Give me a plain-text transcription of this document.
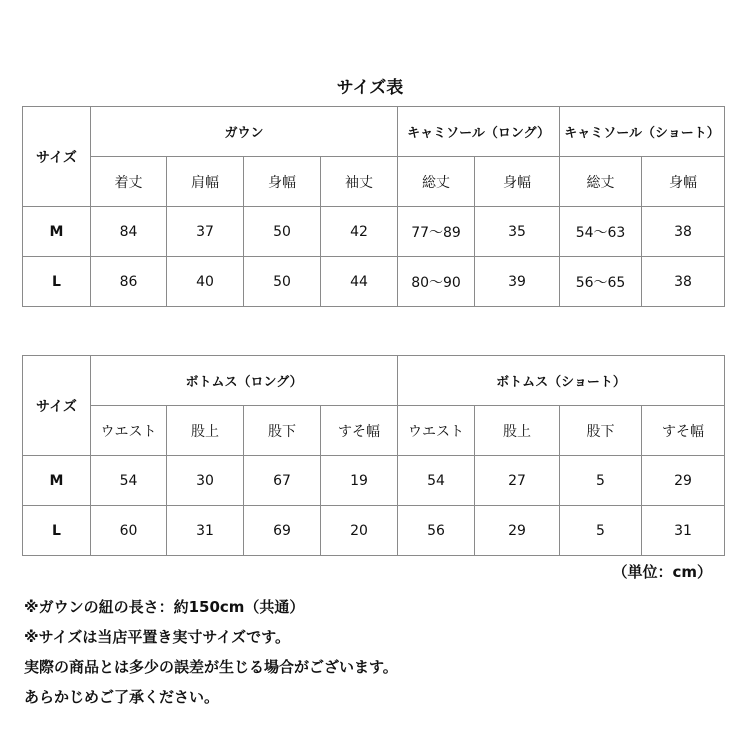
サイズ表
サイズ	ガウン				キャミソール（ロング）		キャミソール（ショート）	
	着丈	肩幅	身幅	袖丈	総丈	身幅	総丈	身幅
M	84	37	50	42	77〜89	35	54〜63	38
L	86	40	50	44	80〜90	39	56〜65	38
サイズ	ボトムス（ロング）				ボトムス（ショート）			
	ウエスト	股上	股下	すそ幅	ウエスト	股上	股下	すそ幅
M	54	30	67	19	54	27	5	29
L	60	31	69	20	56	29	5	31
（単位：cm）
※ガウンの紐の長さ：約150cm（共通）
※サイズは当店平置き実寸サイズです。
実際の商品とは多少の誤差が生じる場合がございます。
あらかじめご了承ください。
